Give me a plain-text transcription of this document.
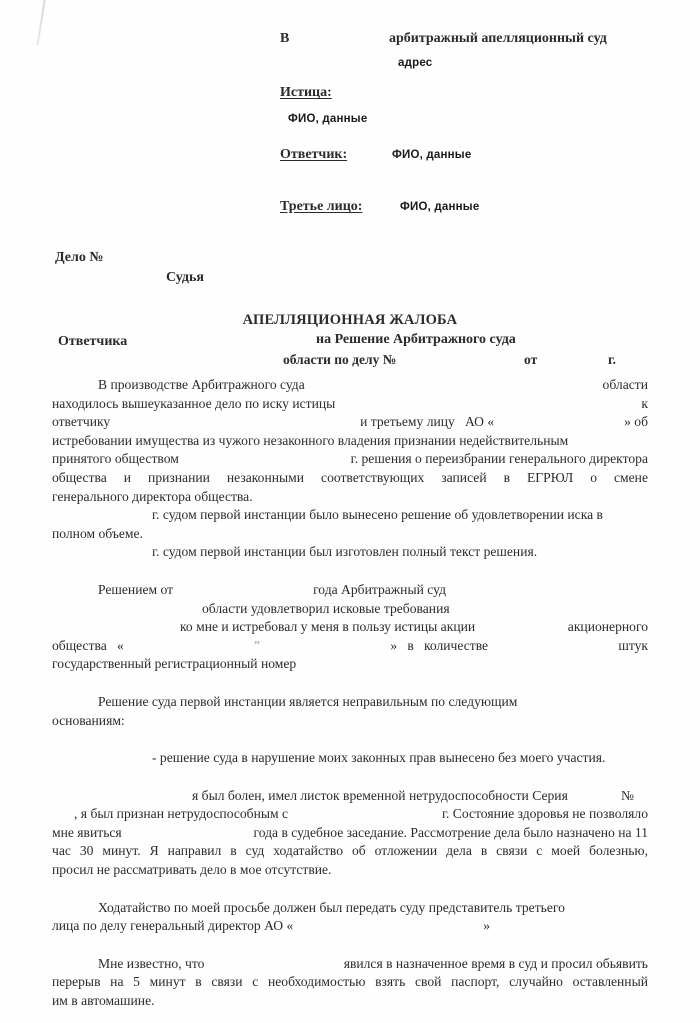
В	арбитражный апелляционный суд
адрес
Истица:
ФИО, данные
Ответчик:	ФИО, данные
Третье лицо:	ФИО, данные
Дело №
Судья
АПЕЛЛЯЦИОННАЯ ЖАЛОБА
Ответчика	на Решение Арбитражного суда
области по делу №	от	г.
В производстве Арбитражного суда	области
находилось вышеуказанное дело по иску истицы	к
ответчику	и третьему лицу   АО «	» об
истребовании имущества из чужого незаконного владения признании недействительным
принятого обществом	г. решения о переизбрании генерального директора
общества и признании незаконными соответствующих записей в ЕГРЮЛ о смене
генерального директора общества.
г. судом первой инстанции было вынесено решение об удовлетворении иска в
полном объеме.
г. судом первой инстанции был изготовлен полный текст решения.
Решением от	года Арбитражный суд
области удовлетворил исковые требования
ко мне и истребовал у меня в пользу истицы акции	акционерного
общества   «	”	»   в   количестве	штук
государственный регистрационный номер
Решение суда первой инстанции является неправильным по следующим
основаниям:
- решение суда в нарушение моих законных прав вынесено без моего участия.
я был болен, имел листок временной нетрудоспособности Серия	№
, я был признан нетрудоспособным с	г. Состояние здоровья не позволяло
мне явиться	года в судебное заседание. Рассмотрение дела было назначено на 11
час 30 минут. Я направил в суд ходатайство об отложении дела в связи с моей болезнью,
просил не рассматривать дело в мое отсутствие.
Ходатайство по моей просьбе должен был передать суду представитель третьего
лица по делу генеральный директор АО «	»
Мне известно, что	явился в назначенное время в суд и просил обьявить
перерыв на 5 минут в связи с необходимостью взять свой паспорт, случайно оставленный
им в автомашине.
